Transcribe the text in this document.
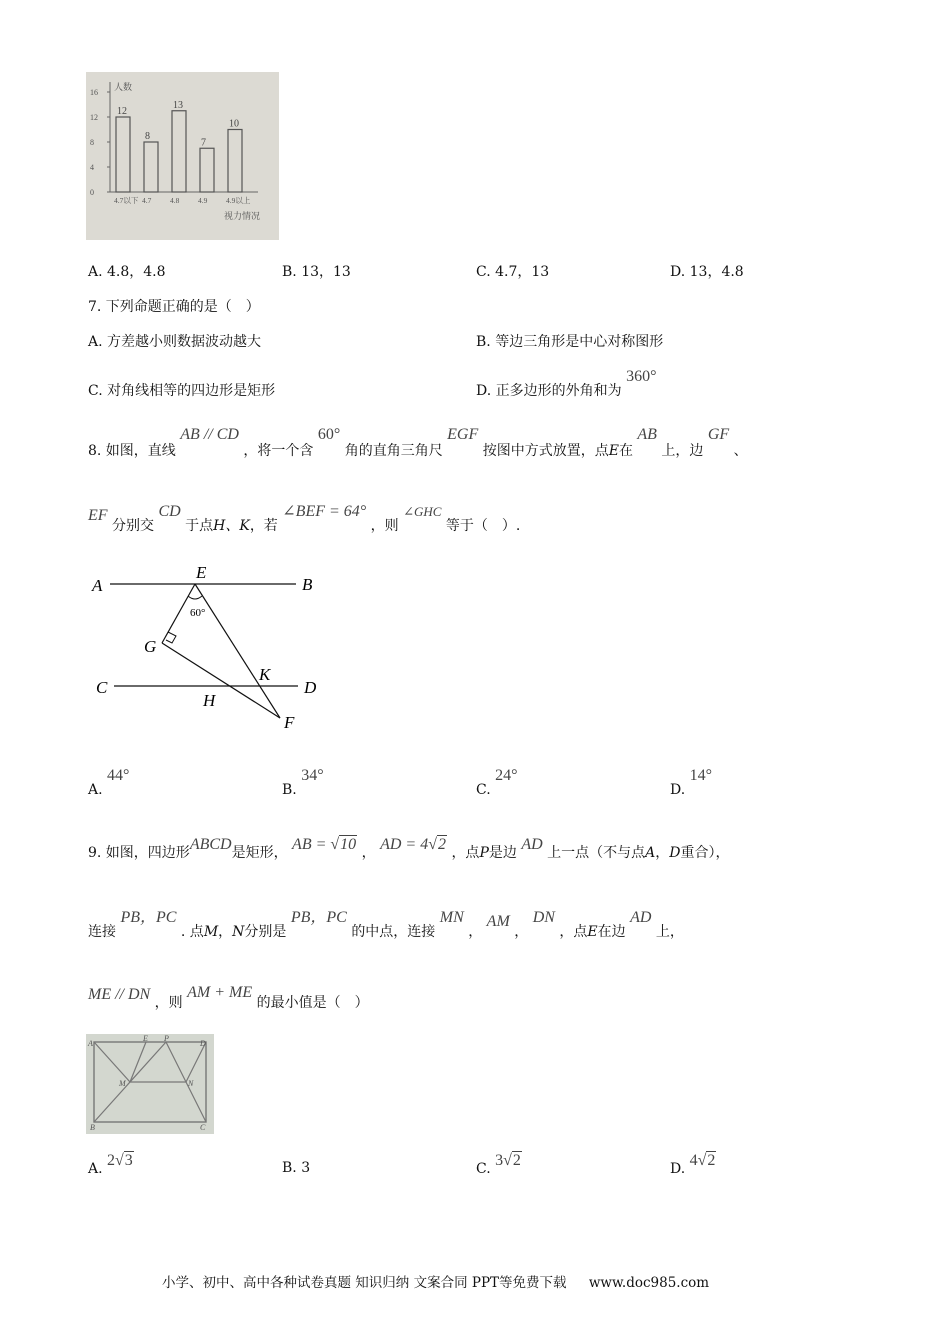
人数
视力情况
12
4.7以下
8
4.7
13
4.8
7
4.9
10
4.9以上
0
4
8
12
16
A. 4.8，4.8	B. 13，13	C. 4.7，13	D. 13，4.8
7. 下列命题正确的是（　）
A. 方差越小则数据波动越大	B. 等边三角形是中心对称图形
C. 对角线相等的四边形是矩形	D. 正多边形的外角和为 360°
8. 如图，直线 AB // CD ，将一个含 60° 角的直角三角尺 EGF 按图中方式放置，点E在 AB 上，边 GF 、
EF 分别交 CD 于点H、K，若 ∠BEF = 64° ，则 ∠GHC 等于（　）.
60°
A	B
E
G
C	D
K
H
F
A. 44°
B. 34°
C. 24°
D. 14°
9. 如图，四边形ABCD是矩形， AB = √10 ， AD = 4√2 ，点P是边 AD 上一点（不与点A，D重合），
连接 PB，PC . 点M，N分别是 PB，PC 的中点，连接 MN ， AM ， DN ，点E在边 AD 上，
ME // DN ，则 AM + ME 的最小值是（　）
A
E P
D
M	N
B	C
A. 2√3	B. 3	C. 3√2	D. 4√2
小学、初中、高中各种试卷真题 知识归纳 文案合同 PPT等免费下载 www.doc985.com
